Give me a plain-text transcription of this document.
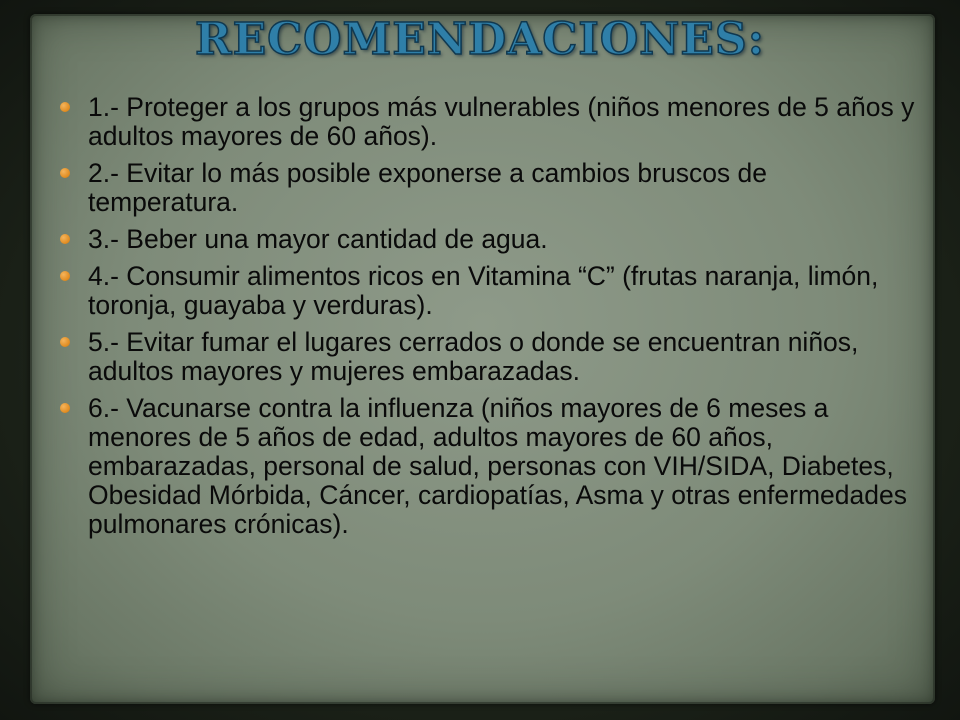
RECOMENDACIONES:
1.- Proteger a los grupos más vulnerables (niños menores de 5 años y adultos mayores de 60 años).
2.- Evitar lo más posible exponerse a cambios bruscos de temperatura.
3.- Beber una mayor cantidad de agua.
4.- Consumir alimentos ricos en Vitamina “C” (frutas naranja, limón, toronja, guayaba y verduras).
5.- Evitar fumar el lugares cerrados o donde se encuentran niños, adultos mayores y mujeres embarazadas.
6.- Vacunarse contra la influenza (niños mayores de 6 meses a menores de 5 años de edad, adultos mayores de 60 años, embarazadas, personal de salud, personas con VIH/SIDA, Diabetes, Obesidad Mórbida, Cáncer, cardiopatías, Asma y otras enfermedades pulmonares crónicas).
